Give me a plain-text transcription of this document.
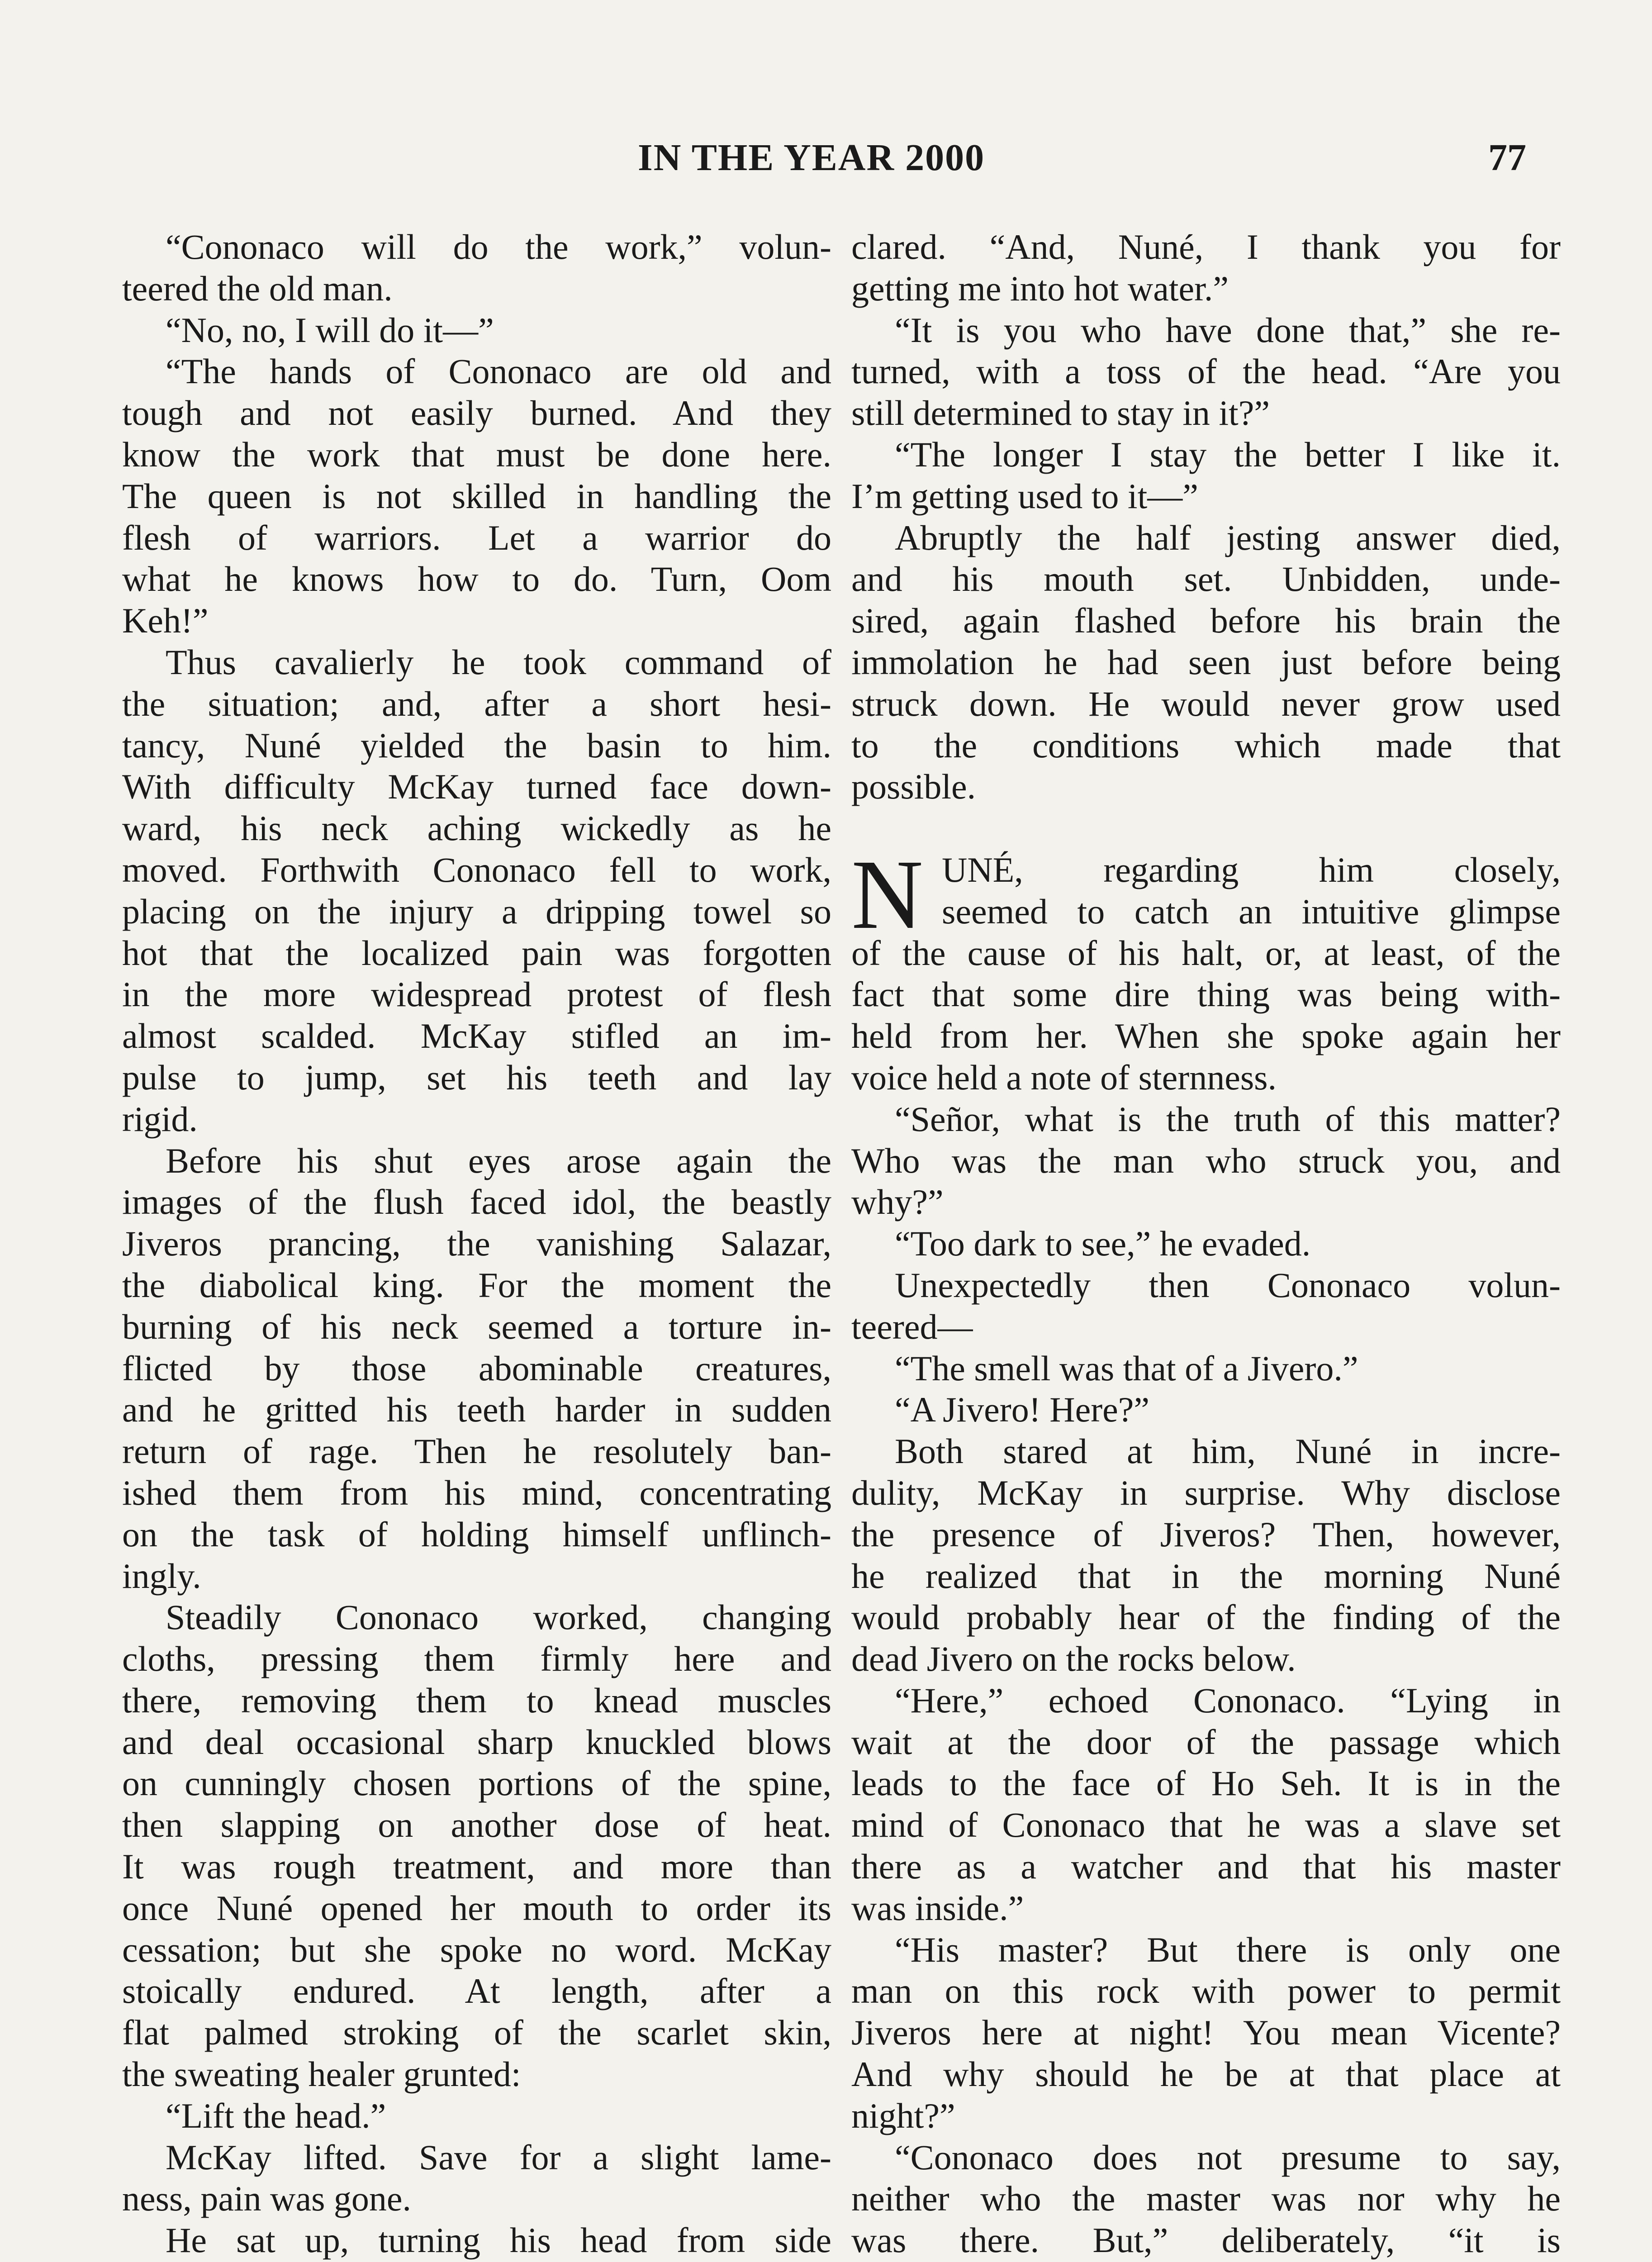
IN THE YEAR 2000	77
“Cononaco will do the work,” volun-
teered the old man.
“No, no, I will do it—”
“The hands of Cononaco are old and
tough and not easily burned. And they
know the work that must be done here.
The queen is not skilled in handling the
flesh of warriors. Let a warrior do
what he knows how to do. Turn, Oom
Keh!”
Thus cavalierly he took command of
the situation; and, after a short hesi-
tancy, Nuné yielded the basin to him.
With difficulty McKay turned face down-
ward, his neck aching wickedly as he
moved. Forthwith Cononaco fell to work,
placing on the injury a dripping towel so
hot that the localized pain was forgotten
in the more widespread protest of flesh
almost scalded. McKay stifled an im-
pulse to jump, set his teeth and lay
rigid.
Before his shut eyes arose again the
images of the flush faced idol, the beastly
Jiveros prancing, the vanishing Salazar,
the diabolical king. For the moment the
burning of his neck seemed a torture in-
flicted by those abominable creatures,
and he gritted his teeth harder in sudden
return of rage. Then he resolutely ban-
ished them from his mind, concentrating
on the task of holding himself unflinch-
ingly.
Steadily Cononaco worked, changing
cloths, pressing them firmly here and
there, removing them to knead muscles
and deal occasional sharp knuckled blows
on cunningly chosen portions of the spine,
then slapping on another dose of heat.
It was rough treatment, and more than
once Nuné opened her mouth to order its
cessation; but she spoke no word. McKay
stoically endured. At length, after a
flat palmed stroking of the scarlet skin,
the sweating healer grunted:
“Lift the head.”
McKay lifted. Save for a slight lame-
ness, pain was gone.
He sat up, turning his head from side
clared. “And, Nuné, I thank you for
getting me into hot water.”
“It is you who have done that,” she re-
turned, with a toss of the head. “Are you
still determined to stay in it?”
“The longer I stay the better I like it.
I’m getting used to it—”
Abruptly the half jesting answer died,
and his mouth set. Unbidden, unde-
sired, again flashed before his brain the
immolation he had seen just before being
struck down. He would never grow used
to the conditions which made that
possible.
N UNÉ, regarding him closely,
seemed to catch an intuitive glimpse
of the cause of his halt, or, at least, of the
fact that some dire thing was being with-
held from her. When she spoke again her
voice held a note of sternness.
“Señor, what is the truth of this matter?
Who was the man who struck you, and
why?”
“Too dark to see,” he evaded.
Unexpectedly then Cononaco volun-
teered—
“The smell was that of a Jivero.”
“A Jivero! Here?”
Both stared at him, Nuné in incre-
dulity, McKay in surprise. Why disclose
the presence of Jiveros? Then, however,
he realized that in the morning Nuné
would probably hear of the finding of the
dead Jivero on the rocks below.
“Here,” echoed Cononaco. “Lying in
wait at the door of the passage which
leads to the face of Ho Seh. It is in the
mind of Cononaco that he was a slave set
there as a watcher and that his master
was inside.”
“His master? But there is only one
man on this rock with power to permit
Jiveros here at night! You mean Vicente?
And why should he be at that place at
night?”
“Cononaco does not presume to say,
neither who the master was nor why he
was there. But,” deliberately, “it is
